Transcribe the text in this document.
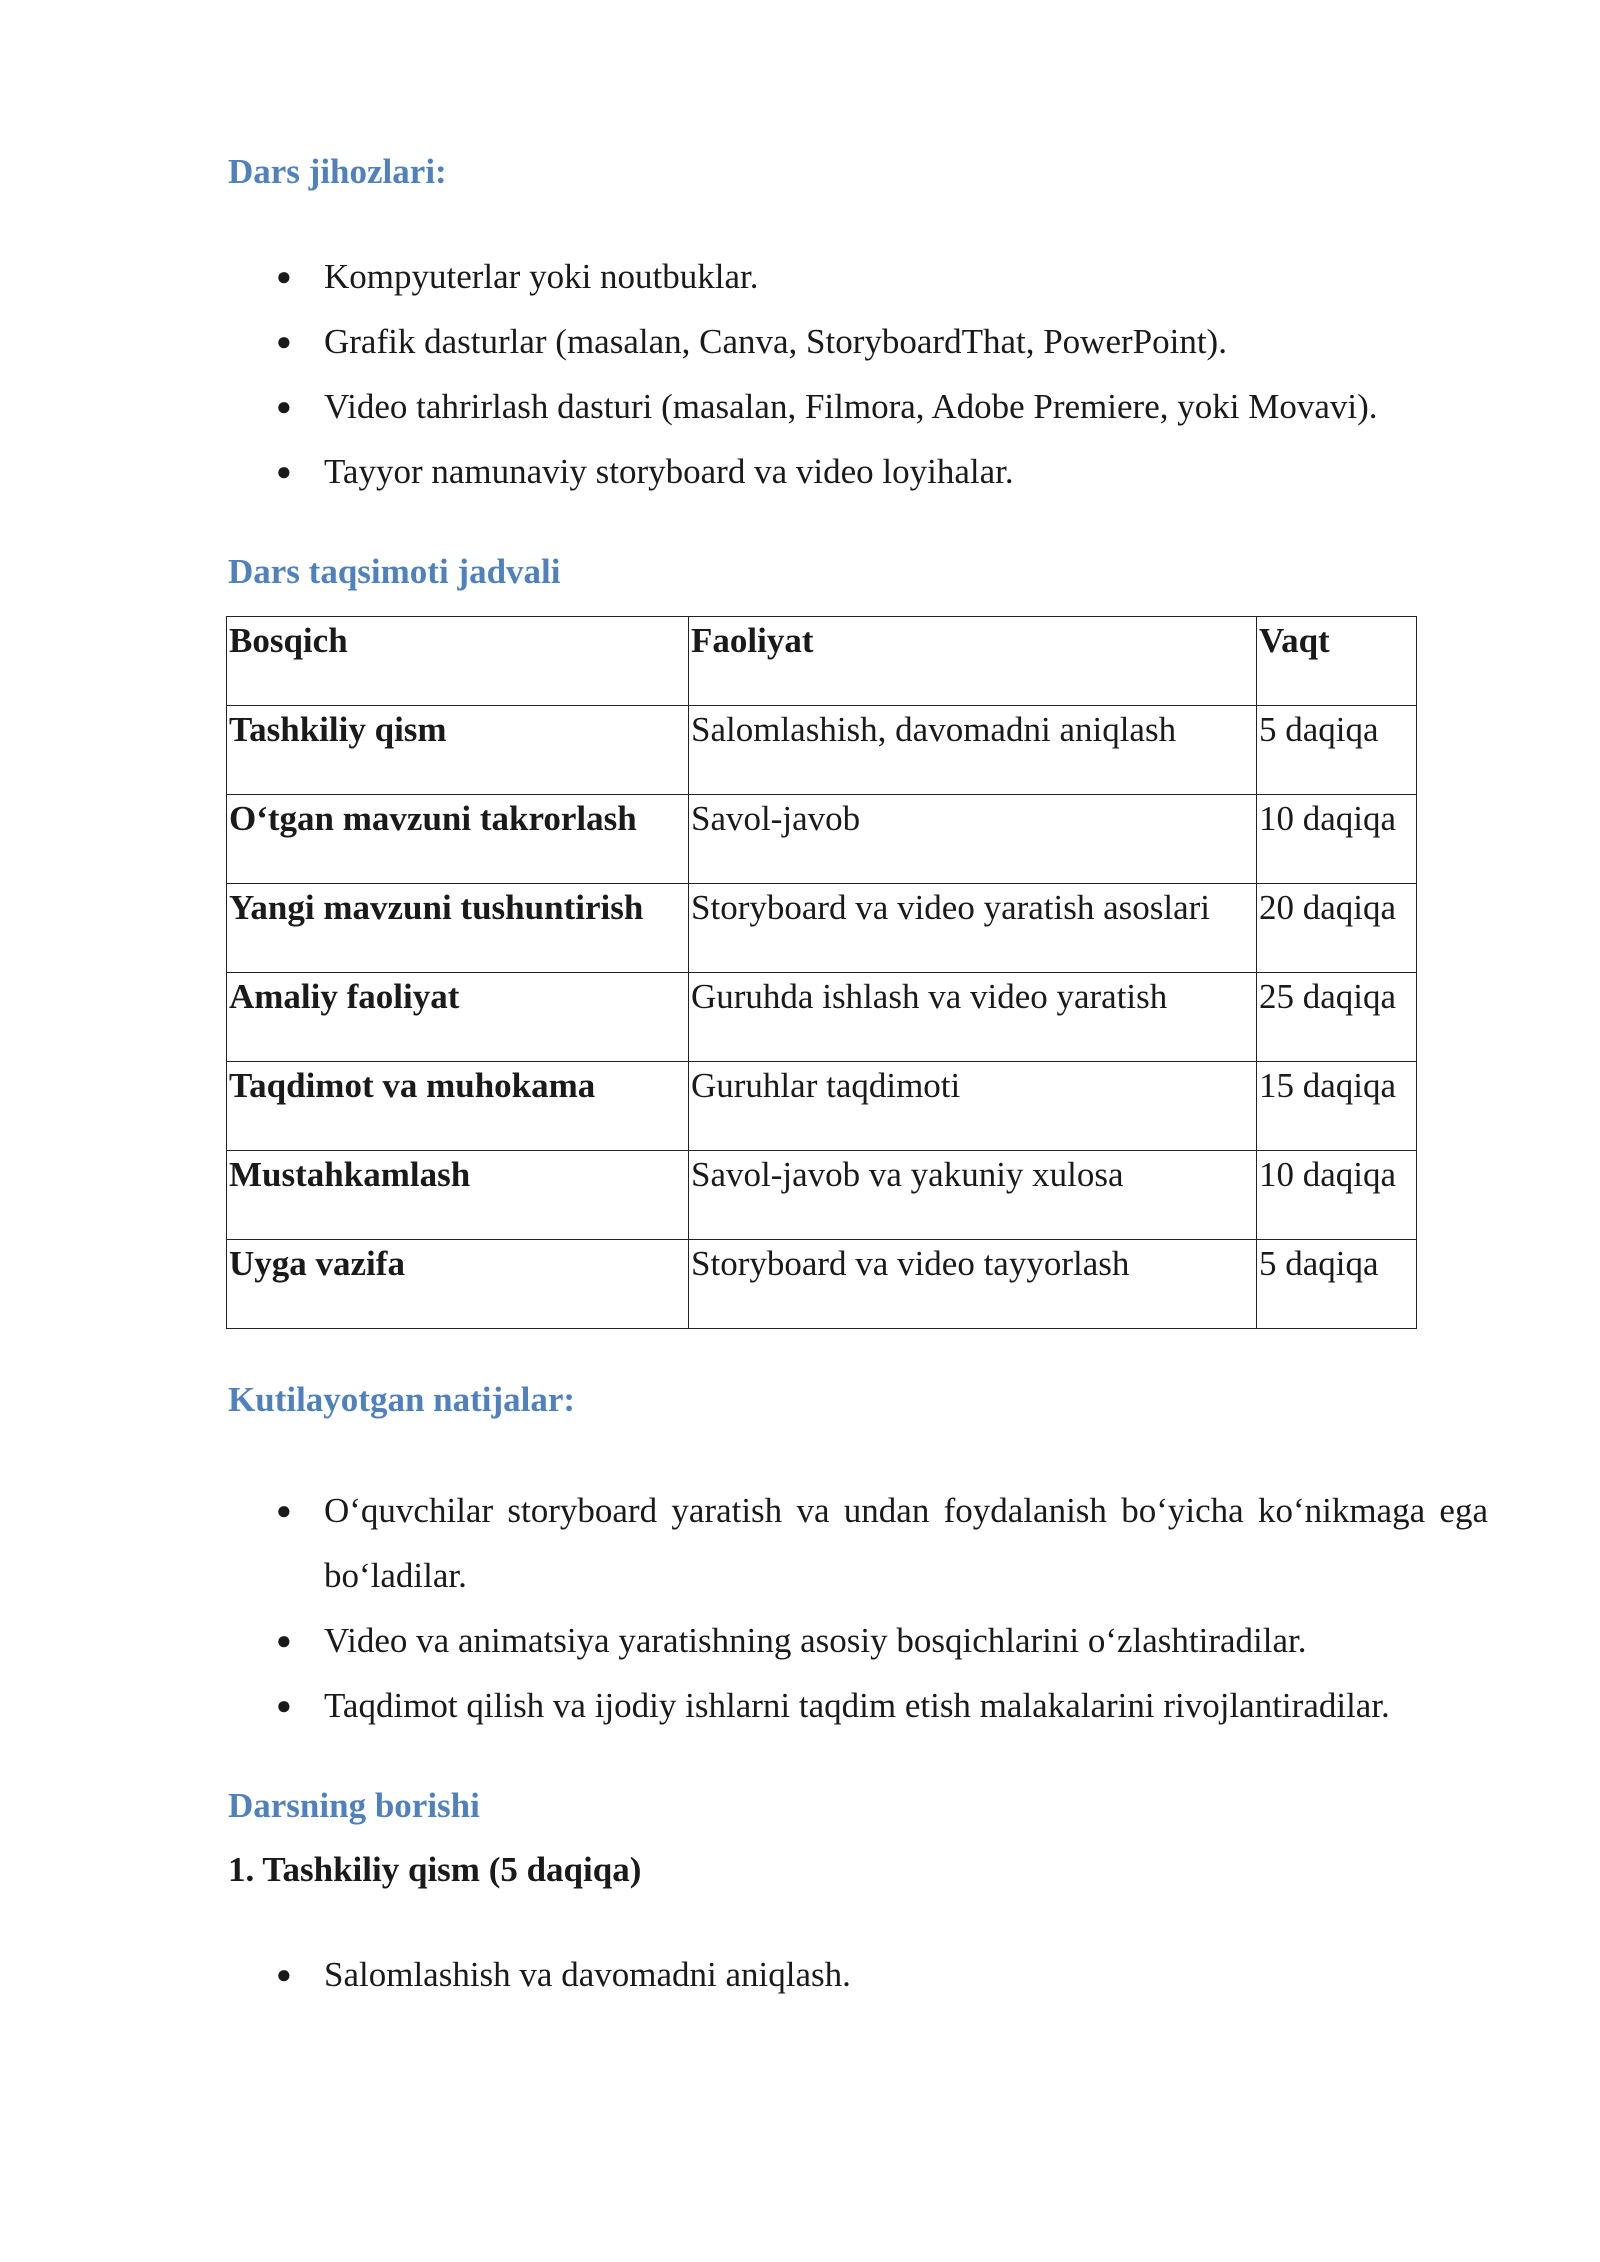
Dars jihozlari:
● Kompyuterlar yoki noutbuklar.
● Grafik dasturlar (masalan, Canva, StoryboardThat, PowerPoint).
● Video tahrirlash dasturi (masalan, Filmora, Adobe Premiere, yoki Movavi).
● Tayyor namunaviy storyboard va video loyihalar.
Dars taqsimoti jadvali
Bosqich	Faoliyat	Vaqt
Tashkiliy qism	Salomlashish, davomadni aniqlash	5 daqiqa
O‘tgan mavzuni takrorlash	Savol-javob	10 daqiqa
Yangi mavzuni tushuntirish	Storyboard va video yaratish asoslari	20 daqiqa
Amaliy faoliyat	Guruhda ishlash va video yaratish	25 daqiqa
Taqdimot va muhokama	Guruhlar taqdimoti	15 daqiqa
Mustahkamlash	Savol-javob va yakuniy xulosa	10 daqiqa
Uyga vazifa	Storyboard va video tayyorlash	5 daqiqa
Kutilayotgan natijalar:
● O‘quvchilar storyboard yaratish va undan foydalanish bo‘yicha ko‘nikmaga ega bo‘ladilar.
● Video va animatsiya yaratishning asosiy bosqichlarini o‘zlashtiradilar.
● Taqdimot qilish va ijodiy ishlarni taqdim etish malakalarini rivojlantiradilar.
Darsning borishi
1. Tashkiliy qism (5 daqiqa)
● Salomlashish va davomadni aniqlash.
